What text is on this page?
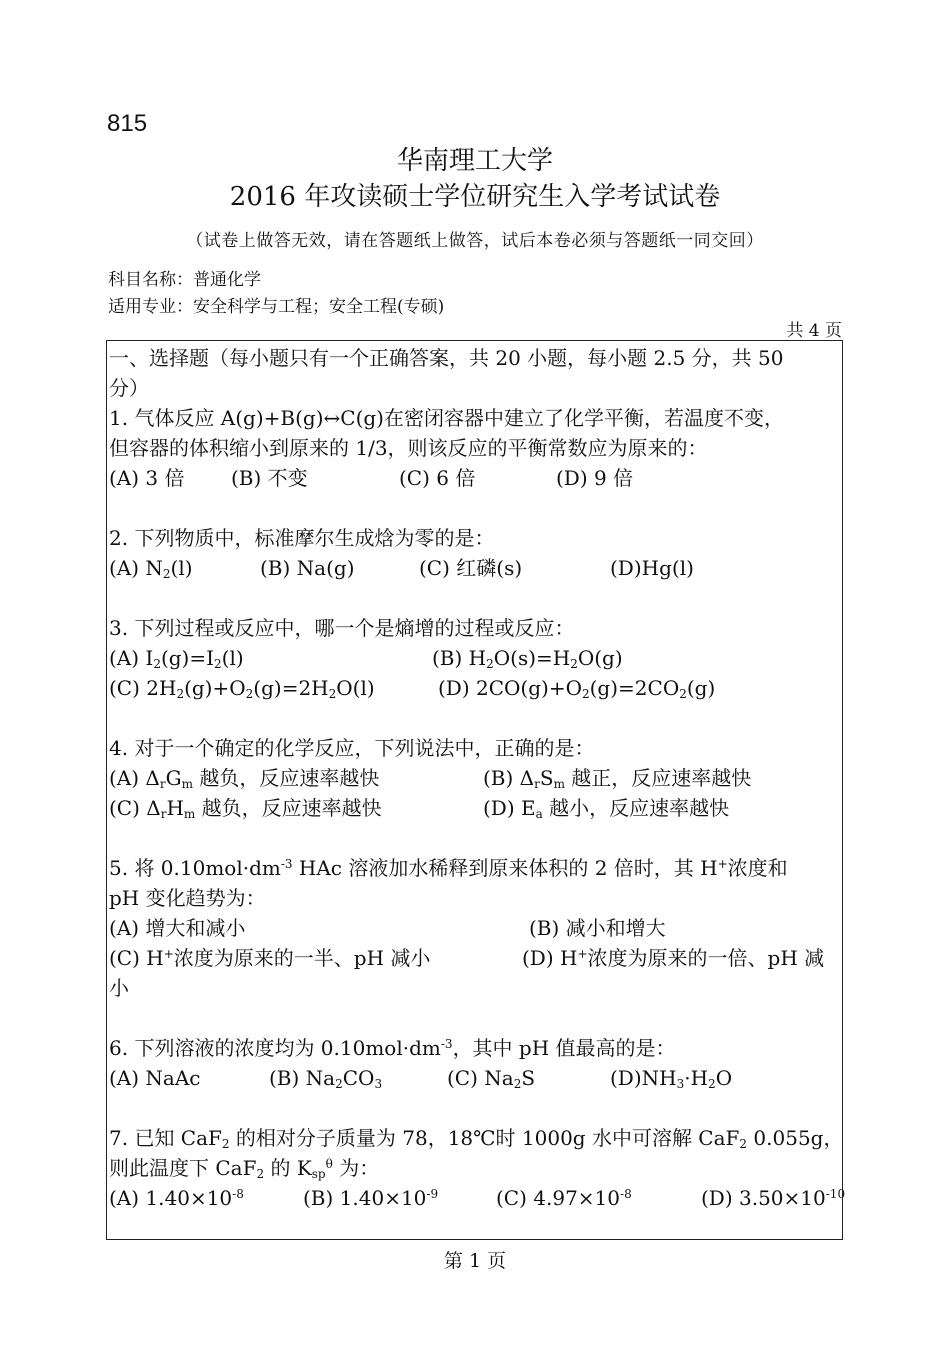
815
华南理工大学
2016 年攻读硕士学位研究生入学考试试卷
（试卷上做答无效，请在答题纸上做答，试后本卷必须与答题纸一同交回）
科目名称：普通化学
适用专业：安全科学与工程；安全工程(专硕)
共 4 页
一、选择题（每小题只有一个正确答案，共 20 小题，每小题 2.5 分，共 50
分）
1. 气体反应 A(g)+B(g)↔C(g)在密闭容器中建立了化学平衡，若温度不变，
但容器的体积缩小到原来的 1/3，则该反应的平衡常数应为原来的：
(A) 3 倍 (B) 不变	(C) 6 倍	(D) 9 倍
2. 下列物质中，标准摩尔生成焓为零的是：
(A) $N_2(l)$	(B) Na(g)	(C) 红磷(s)	(D)Hg(l)
3. 下列过程或反应中，哪一个是熵增的过程或反应：
(A) $I_2(g)=I_2(l)$	(B) $H_2O(s)=H_2O(g)$
(C) $2H_2(g)+O_2(g)=2H_2O(l)$	(D) $2CO(g)+O_2(g)=2CO_2(g)$
4. 对于一个确定的化学反应，下列说法中，正确的是：
(A) $\Delta_rG_m$ 越负，反应速率越快	(B) $\Delta_rS_m$ 越正，反应速率越快
(C) $\Delta_rH_m$ 越负，反应速率越快	(D) $E_a$ 越小，反应速率越快
5. 将 $0.10mol\cdot dm^{-3}$ HAc 溶液加水稀释到原来体积的 2 倍时，其 H+浓度和
pH 变化趋势为：
(A) 增大和减小	(B) 减小和增大
(C) H+浓度为原来的一半、pH 减小	(D) H+浓度为原来的一倍、pH 减
小
6. 下列溶液的浓度均为 $0.10mol\cdot dm^{-3}$，其中 pH 值最高的是：
(A) NaAc	(B) $Na_2CO_3$	(C) $Na_2S$	$(D)NH_3\cdot H_2O$
7. 已知 CaF$_2$ 的相对分子质量为 78，18℃时 1000g 水中可溶解 CaF$_2$ 0.055g，
则此温度下 CaF$_2$ 的 $K_{sp}^\theta$ 为：
(A) $1.40\times 10^{-8}$	(B) $1.40\times 10^{-9}$	(C) $4.97\times 10^{-8}$	(D) $3.50\times 10^{-10}$
第 1 页
